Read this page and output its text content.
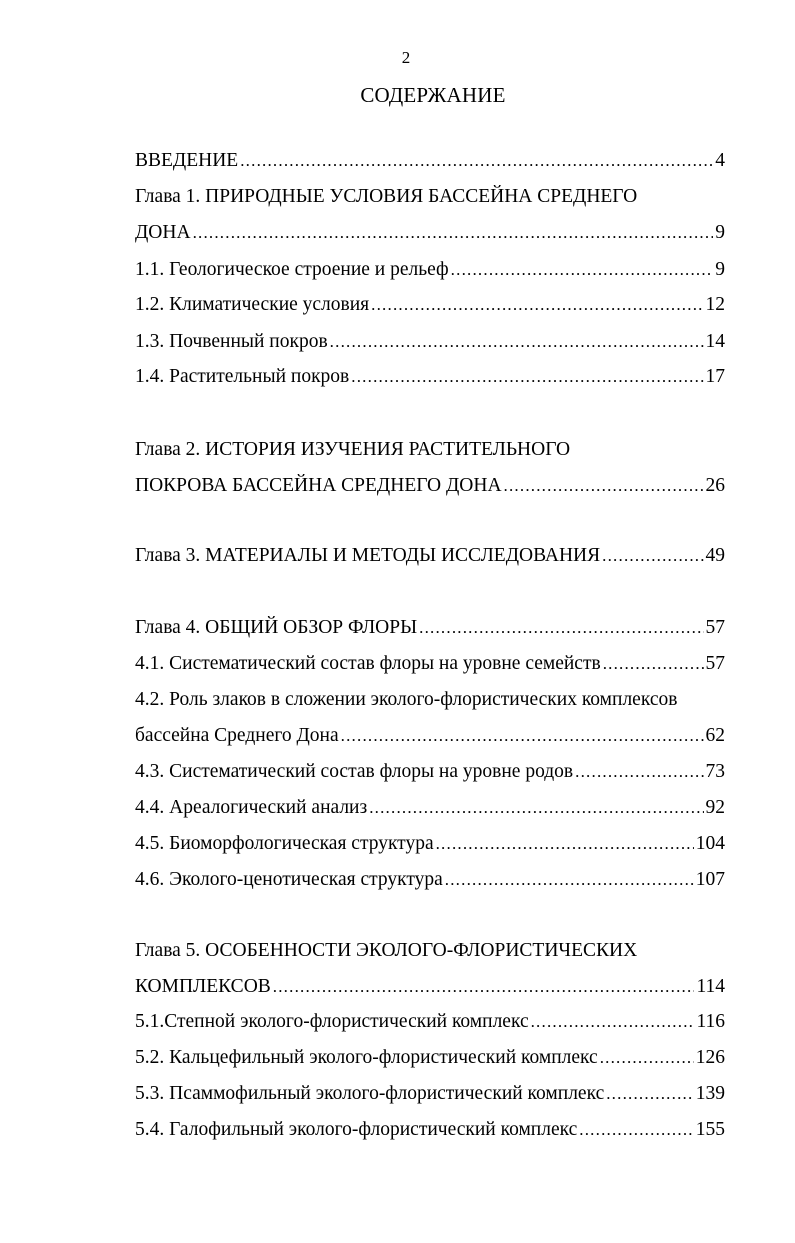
2
СОДЕРЖАНИЕ
ВВЕДЕНИЕ .....	4
Глава 1. ПРИРОДНЫЕ УСЛОВИЯ БАССЕЙНА СРЕДНЕГО
ДОНА .....	9
1.1. Геологическое строение и рельеф .....	9
1.2. Климатические условия .....	12
1.3. Почвенный покров .....	14
1.4. Растительный покров .....	17
Глава 2. ИСТОРИЯ ИЗУЧЕНИЯ РАСТИТЕЛЬНОГО
ПОКРОВА БАССЕЙНА СРЕДНЕГО ДОНА .....	26
Глава 3. МАТЕРИАЛЫ И МЕТОДЫ ИССЛЕДОВАНИЯ .....	49
Глава 4. ОБЩИЙ ОБЗОР ФЛОРЫ .....	57
4.1. Систематический состав флоры на уровне семейств .....	57
4.2. Роль злаков в сложении эколого-флористических комплексов
бассейна Среднего Дона .....	62
4.3. Систематический состав флоры на уровне родов .....	73
4.4. Ареалогический анализ .....	92
4.5. Биоморфологическая структура .....	104
4.6. Эколого-ценотическая структура .....	107
Глава 5. ОСОБЕННОСТИ ЭКОЛОГО-ФЛОРИСТИЧЕСКИХ
КОМПЛЕКСОВ .....	114
5.1.Степной эколого-флористический комплекс .....	116
5.2. Кальцефильный эколого-флористический комплекс .....	126
5.3. Псаммофильный эколого-флористический комплекс .....	139
5.4. Галофильный эколого-флористический комплекс .....	155
